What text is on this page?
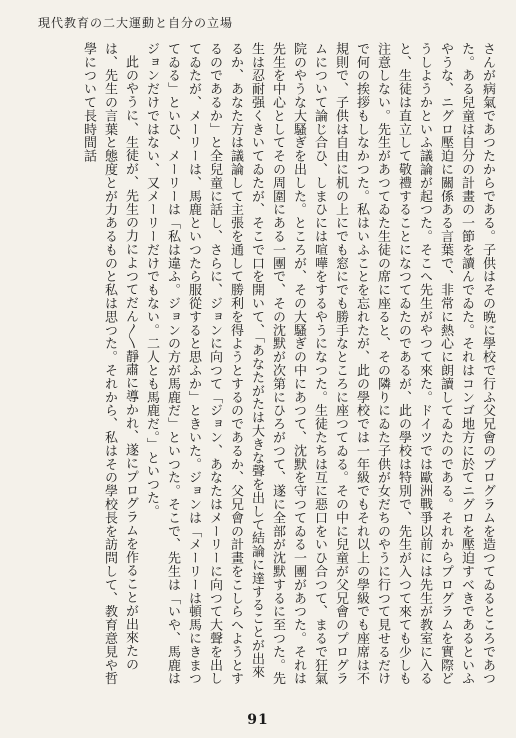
現代教育の二大運動と自分の立場

さんが病氣であつたからである。子供はその晩に學校で行ふ父兄會のプログラムを造つてゐるところであつた。ある兒童は自分の計畫の一節を讀んでゐた。それはコンゴ地方に於てニグロを壓迫すべきであるといふやうな、ニグロ壓迫に關係ある言葉で、非常に熱心に朗讀してゐたのである。それからプログラムを實際どうしようかといふ議論が起つた。そこへ先生がやつて來た。ドイツでは歐洲戰爭以前には先生が教室に入ると、生徒は直立して敬禮することになつてゐたのであるが、此の學校は特別で、先生が入つて來ても少しも注意しない。先生があつてゐた生徒の席に座ると、その隣りにゐた子供が女だちのやうに行つて見せるだけで何の挨拶もしなかつた。私はいふことを忘れたが、此の學校では一年級でもそれ以上の學級でも座席は不規則で、子供は自由に机の上にでも窓にでも勝手なところに座つてゐる。その中に兒童が父兄會のプログラムについて論じ合ひ、しまひには喧嘩をするやうになつた。生徒たちは互に惡口をいひ合つて、まるで狂氣院のやうな大騷ぎを出した。ところが、その大騷ぎの中にあつて、沈默を守つてゐる一團があつた。それは先生を中心としてその周圍にある一團で、その沈默が次第にひろがつて、遂に全部が沈默するに至つた。先生は忍耐强くきいてゐたが、そこで口を開いて、「あなたがたは大きな聲を出して結論に達することが出來るか、あなた方は議論して主張を通して勝利を得ようとするのであるか、父兄會の計畫をこしらへようとするのであるか」と全兒童に話し、さらに、ジョンに向つて「ジョン、あなたはメーリーに向つて大聲を出してゐたが、メーリーは、馬鹿といつたら服從すると思ふか」ときいた。ジョンは「メーリーは頓馬にきまつてゐる」といひ、メーリーは「私は違ふ。ジョンの方が馬鹿だ」といつた。そこで、先生は「いや、馬鹿はジョンだけではない、又メーリーだけでもない。二人とも馬鹿だ。」といつた。

此のやうに、生徒が、先生の力によつてだん〳〵靜肅に導かれ、遂にプログラムを作ることが出來たのは、先生の言葉と態度とが力あるものと私は思つた。それから、私はその學校長を訪問して、教育意見や哲學について長時間話

91
